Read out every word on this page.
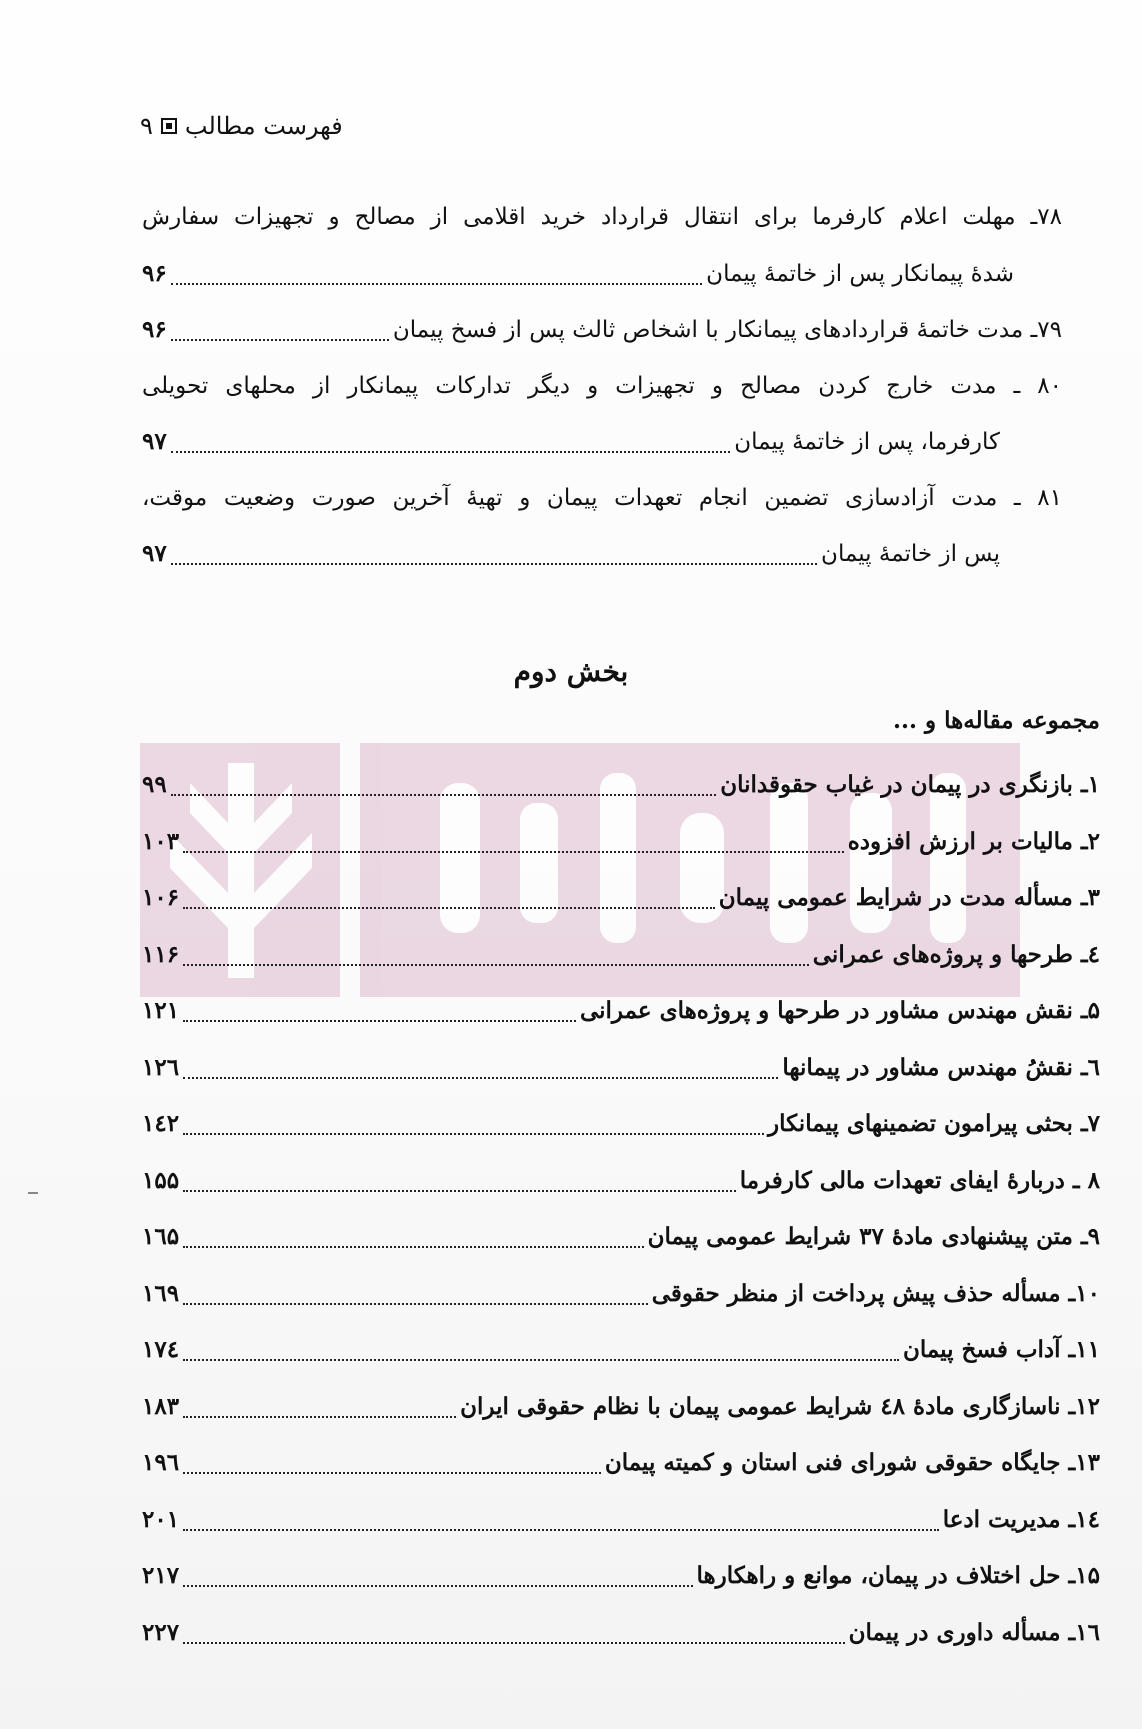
فهرست مطالب
۹
۷۸ـ مهلت اعلام کارفرما برای انتقال قرارداد خرید اقلامی از مصالح و تجهیزات سفارش
شدهٔ پیمانکار پس از خاتمهٔ پیمان
۹۶
۷۹ـ مدت خاتمهٔ قراردادهای پیمانکار با اشخاص ثالث پس از فسخ پیمان
۹۶
۸۰ ـ مدت خارج کردن مصالح و تجهیزات و دیگر تدارکات پیمانکار از محلهای تحویلی
کارفرما، پس از خاتمهٔ پیمان
۹۷
۸۱ ـ مدت آزادسازی تضمین انجام تعهدات پیمان و تهیهٔ آخرین صورت وضعیت موقت،
پس از خاتمهٔ پیمان
۹۷
بخش دوم
مجموعه مقاله‌ها و ...
۱ـ بازنگری در پیمان در غیاب حقوقدانان
۹۹
۲ـ مالیات بر ارزش افزوده
۱۰۳
۳ـ مسأله مدت در شرایط عمومی پیمان
۱۰۶
٤ـ طرحها و پروژه‌های عمرانی
۱۱۶
۵ـ نقش مهندس مشاور در طرحها و پروژه‌های عمرانی
۱۲۱
٦ـ نقشُ مهندس مشاور در پیمانها
۱۲٦
۷ـ بحثی پیرامون تضمینهای پیمانکار
۱٤۲
۸ ـ دربارهٔ ایفای تعهدات مالی کارفرما
۱۵۵
۹ـ متن پیشنهادی مادهٔ ۳۷ شرایط عمومی پیمان
۱٦۵
۱۰ـ مسأله حذف پیش پرداخت از منظر حقوقی
۱٦۹
۱۱ـ آداب فسخ پیمان
۱۷٤
۱۲ـ ناسازگاری مادهٔ ٤۸ شرایط عمومی پیمان با نظام حقوقی ایران
۱۸۳
۱۳ـ جایگاه حقوقی شورای فنی استان و کمیته پیمان
۱۹٦
۱٤ـ مدیریت ادعا
۲۰۱
۱۵ـ حل اختلاف در پیمان، موانع و راهکارها
۲۱۷
۱٦ـ مسأله داوری در پیمان
۲۲۷
